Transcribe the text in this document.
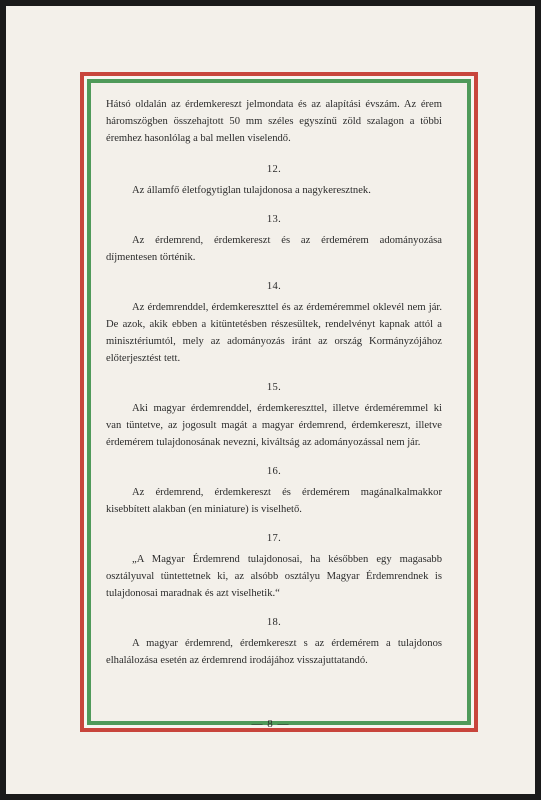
Hátsó oldalán az érdemkereszt jelmondata és az alapítási évszám. Az érem háromszögben összehajtott 50 mm széles egyszínű zöld szalagon a többi éremhez hasonlólag a bal mellen viselendő.

12.

Az államfő életfogytiglan tulajdonosa a nagykeresztnek.

13.

Az érdemrend, érdemkereszt és az érdemérem adományozása díjmentesen történik.

14.

Az érdemrenddel, érdemkereszttel és az érdeméremmel oklevél nem jár. De azok, akik ebben a kitüntetésben részesültek, rendelvényt kapnak attól a minisztériumtól, mely az adományozás iránt az ország Kormányzójához előterjesztést tett.

15.

Aki magyar érdemrenddel, érdemkereszttel, illetve érdeméremmel ki van tüntetve, az jogosult magát a magyar érdemrend, érdemkereszt, illetve érdemérem tulajdonosának nevezni, kiváltság az adományozással nem jár.

16.

Az érdemrend, érdemkereszt és érdemérem magánalkalmakkor kisebbített alakban (en miniature) is viselhető.

17.

„A Magyar Érdemrend tulajdonosai, ha későbben egy magasabb osztályuval tüntettetnek ki, az alsóbb osztályu Magyar Érdemrendnek is tulajdonosai maradnak és azt viselhetik.“

18.

A magyar érdemrend, érdemkereszt s az érdemérem a tulajdonos elhalálozása esetén az érdemrend irodájához visszajuttatandó.

— 8 —
